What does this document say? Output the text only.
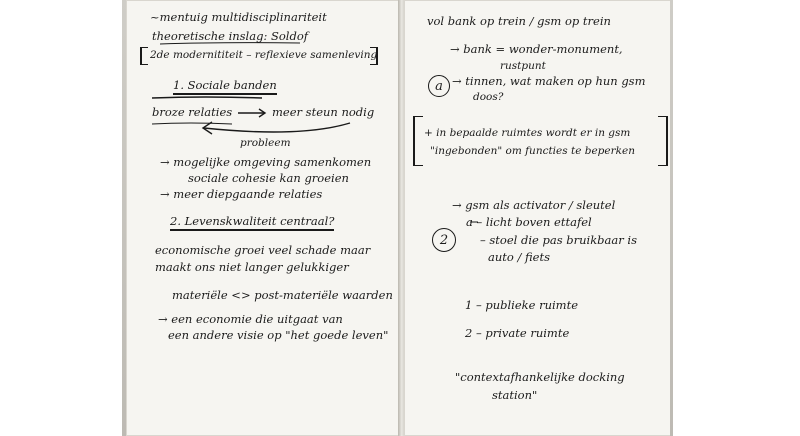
~mentuig multidisciplinariteit
theoretische inslag: Soldof
2de modernititeit – reflexieve samenleving
1. Sociale banden
broze relaties	meer steun nodig
probleem
→ mogelijke omgeving samenkomen
sociale cohesie kan groeien
→ meer diepgaande relaties
2. Levenskwaliteit centraal?
economische groei veel schade maar
maakt ons niet langer gelukkiger
materiële <> post-materiële waarden
→ een economie die uitgaat van
een andere visie op "het goede leven"
vol bank op trein / gsm op trein
→ bank = wonder-monument,
rustpunt
a → tinnen, wat maken op hun gsm
doos?
+ in bepaalde ruimtes wordt er in gsm
"ingebonden" om functies te beperken
→ gsm als activator / sleutel
2
a – licht boven ettafel
– stoel die pas bruikbaar is
auto / fiets
1 – publieke ruimte
2 – private ruimte
"contextafhankelijke docking
station"
